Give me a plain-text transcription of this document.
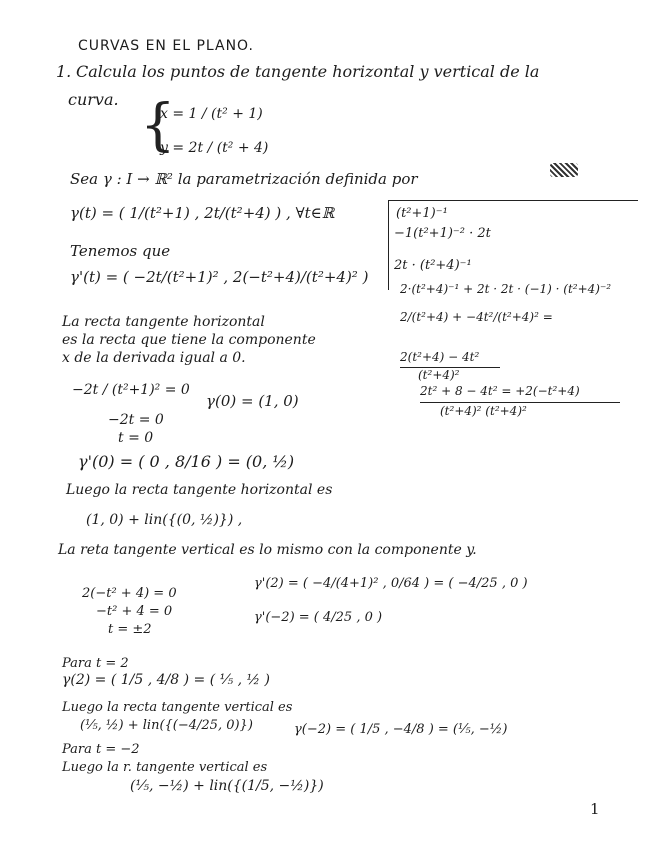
CURVAS EN EL PLANO.
1. Calcula los puntos de tangente horizontal y vertical de la
curva. {
x = 1 / (t² + 1)
y = 2t / (t² + 4)
Sea γ : I → ℝ² la parametrización definida por
γ(t) = ( 1/(t²+1) , 2t/(t²+4) ) , ∀t∈ℝ
Tenemos que
γ'(t) = ( −2t/(t²+1)² , 2(−t²+4)/(t²+4)² )
La recta tangente horizontal
es la recta que tiene la componente
x de la derivada igual a 0.
−2t / (t²+1)² = 0
−2t = 0
t = 0
γ(0) = (1, 0)
γ'(0) = ( 0 , 8/16 ) = (0, ½)
Luego la recta tangente horizontal es
(1, 0) + lin({(0, ½)}) ,
La reta tangente vertical es lo mismo con la componente y.
2(−t² + 4) = 0
−t² + 4 = 0
t = ±2
γ'(2) = ( −4/(4+1)² , 0/64 ) = ( −4/25 , 0 )
γ'(−2) = ( 4/25 , 0 )
Para t = 2
γ(2) = ( 1/5 , 4/8 ) = ( ⅕ , ½ )
Luego la recta tangente vertical es
(⅕, ½) + lin({(−4/25, 0)})	γ(−2) = ( 1/5 , −4/8 ) = (⅕, −½)
Para t = −2
Luego la r. tangente vertical es
(⅕, −½) + lin({(1/5, −½)})
(t²+1)⁻¹
−1(t²+1)⁻² · 2t
2t · (t²+4)⁻¹
2·(t²+4)⁻¹ + 2t · 2t · (−1) · (t²+4)⁻²
2/(t²+4) + −4t²/(t²+4)² =
2(t²+4) − 4t²
(t²+4)²
2t² + 8 − 4t² = +2(−t²+4)
(t²+4)² (t²+4)²
1
